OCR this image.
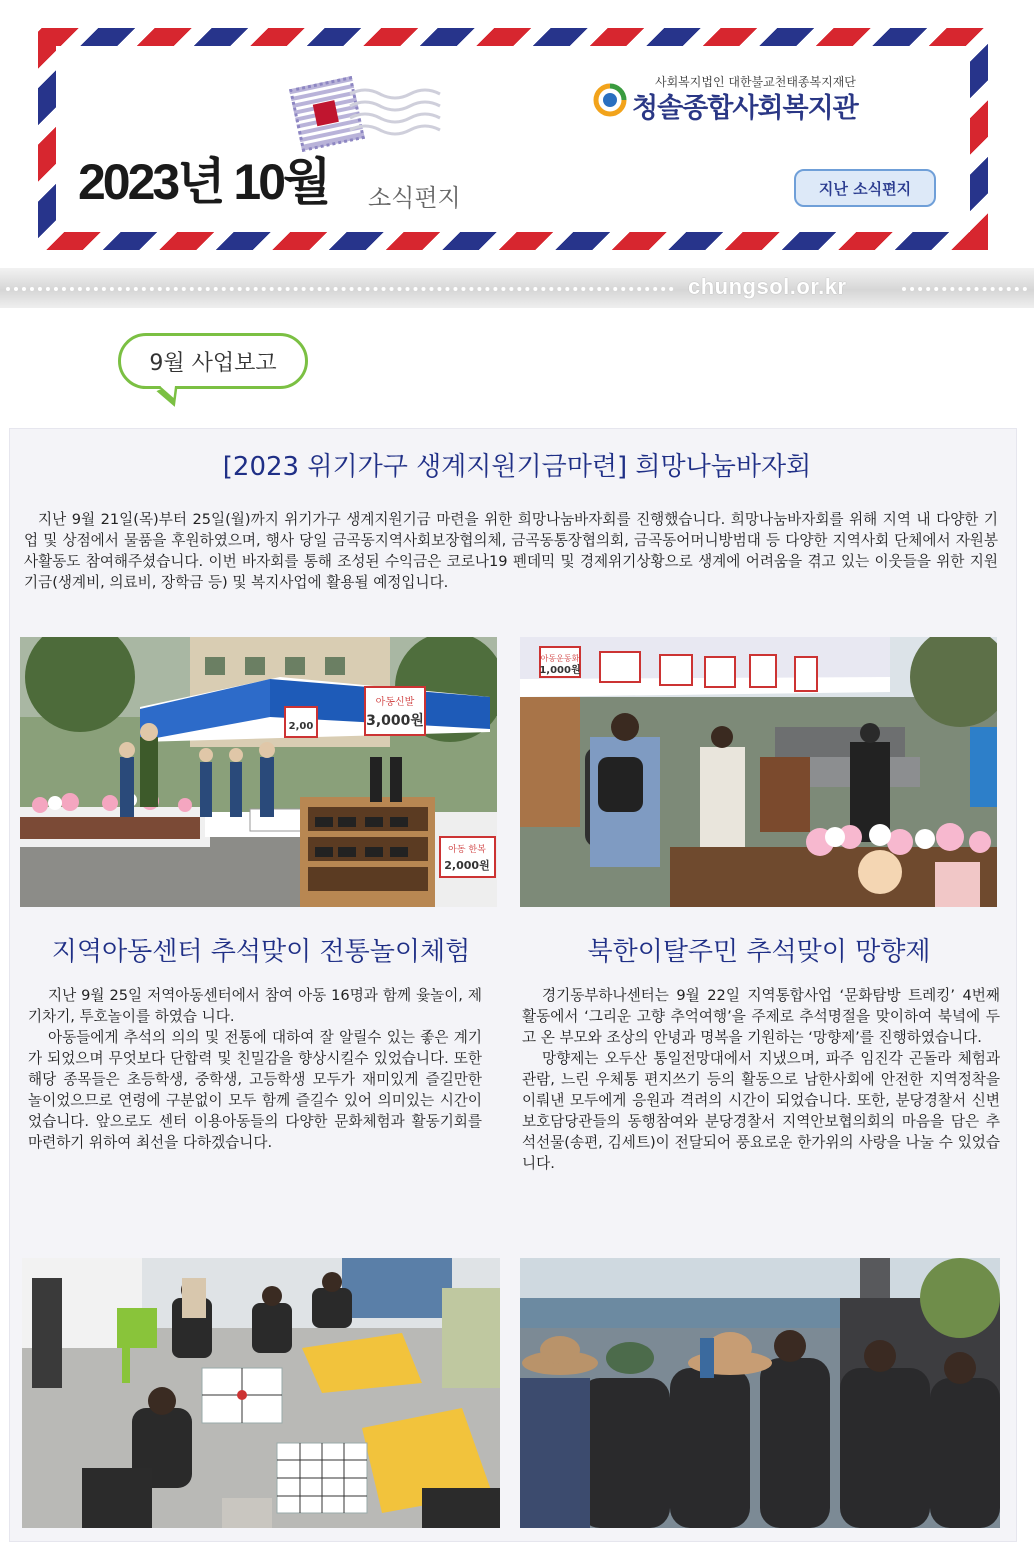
2023년 10월 소식편지
사회복지법인 대한불교천태종복지재단
청솔종합사회복지관
지난 소식편지
chungsol.or.kr
9월 사업보고
[2023 위기가구 생계지원기금마련] 희망나눔바자회
지난 9월 21일(목)부터 25일(월)까지 위기가구 생계지원기금 마련을 위한 희망나눔바자회를 진행했습니다. 희망나눔바자회를 위해 지역 내 다양한 기업 및 상점에서 물품을 후원하였으며, 행사 당일 금곡동지역사회보장협의체, 금곡동통장협의회, 금곡동어머니방범대 등 다양한 지역사회 단체에서 자원봉사활동도 참여해주셨습니다. 이번 바자회를 통해 조성된 수익금은 코로나19 펜데믹 및 경제위기상황으로 생계에 어려움을 겪고 있는 이웃들을 위한 지원기금(생계비, 의료비, 장학금 등) 및 복지사업에 활용될 예정입니다.
아동신발
3,000원
2,00
아동 한복
2,000원
아동운동화
1,000원
지역아동센터 추석맞이 전통놀이체험	북한이탈주민 추석맞이 망향제
지난 9월 25일 저역아동센터에서 참여 아동 16명과 함께 윷놀이, 제기차기, 투호놀이를 하였습 니다.
아동들에게 추석의 의의 및 전통에 대하여 잘 알릴수 있는 좋은 계기가 되었으며 무엇보다 단합력 및 친밀감을 향상시킬수 있었습니다. 또한 해당 종목들은 초등학생, 중학생, 고등학생 모두가 재미있게 즐길만한 놀이었으므로 연령에 구분없이 모두 함께 즐길수 있어 의미있는 시간이었습니다. 앞으로도 센터 이용아동들의 다양한 문화체험과 활동기회를 마련하기 위하여 최선을 다하겠습니다.
경기동부하나센터는 9월 22일 지역통합사업 ‘문화탐방 트레킹’ 4번째 활동에서 ‘그리운 고향 추억여행’을 주제로 추석명절을 맞이하여 북녘에 두고 온 부모와 조상의 안녕과 명복을 기원하는 ‘망향제’를 진행하였습니다.
망향제는 오두산 통일전망대에서 지냈으며, 파주 임진각 곤돌라 체험과 관람, 느린 우체통 편지쓰기 등의 활동으로 남한사회에 안전한 지역정착을 이뤄낸 모두에게 응원과 격려의 시간이 되었습니다. 또한, 분당경찰서 신변보호담당관들의 동행참여와 분당경찰서 지역안보협의회의 마음을 담은 추석선물(송편, 김세트)이 전달되어 풍요로운 한가위의 사랑을 나눌 수 있었습니다.
